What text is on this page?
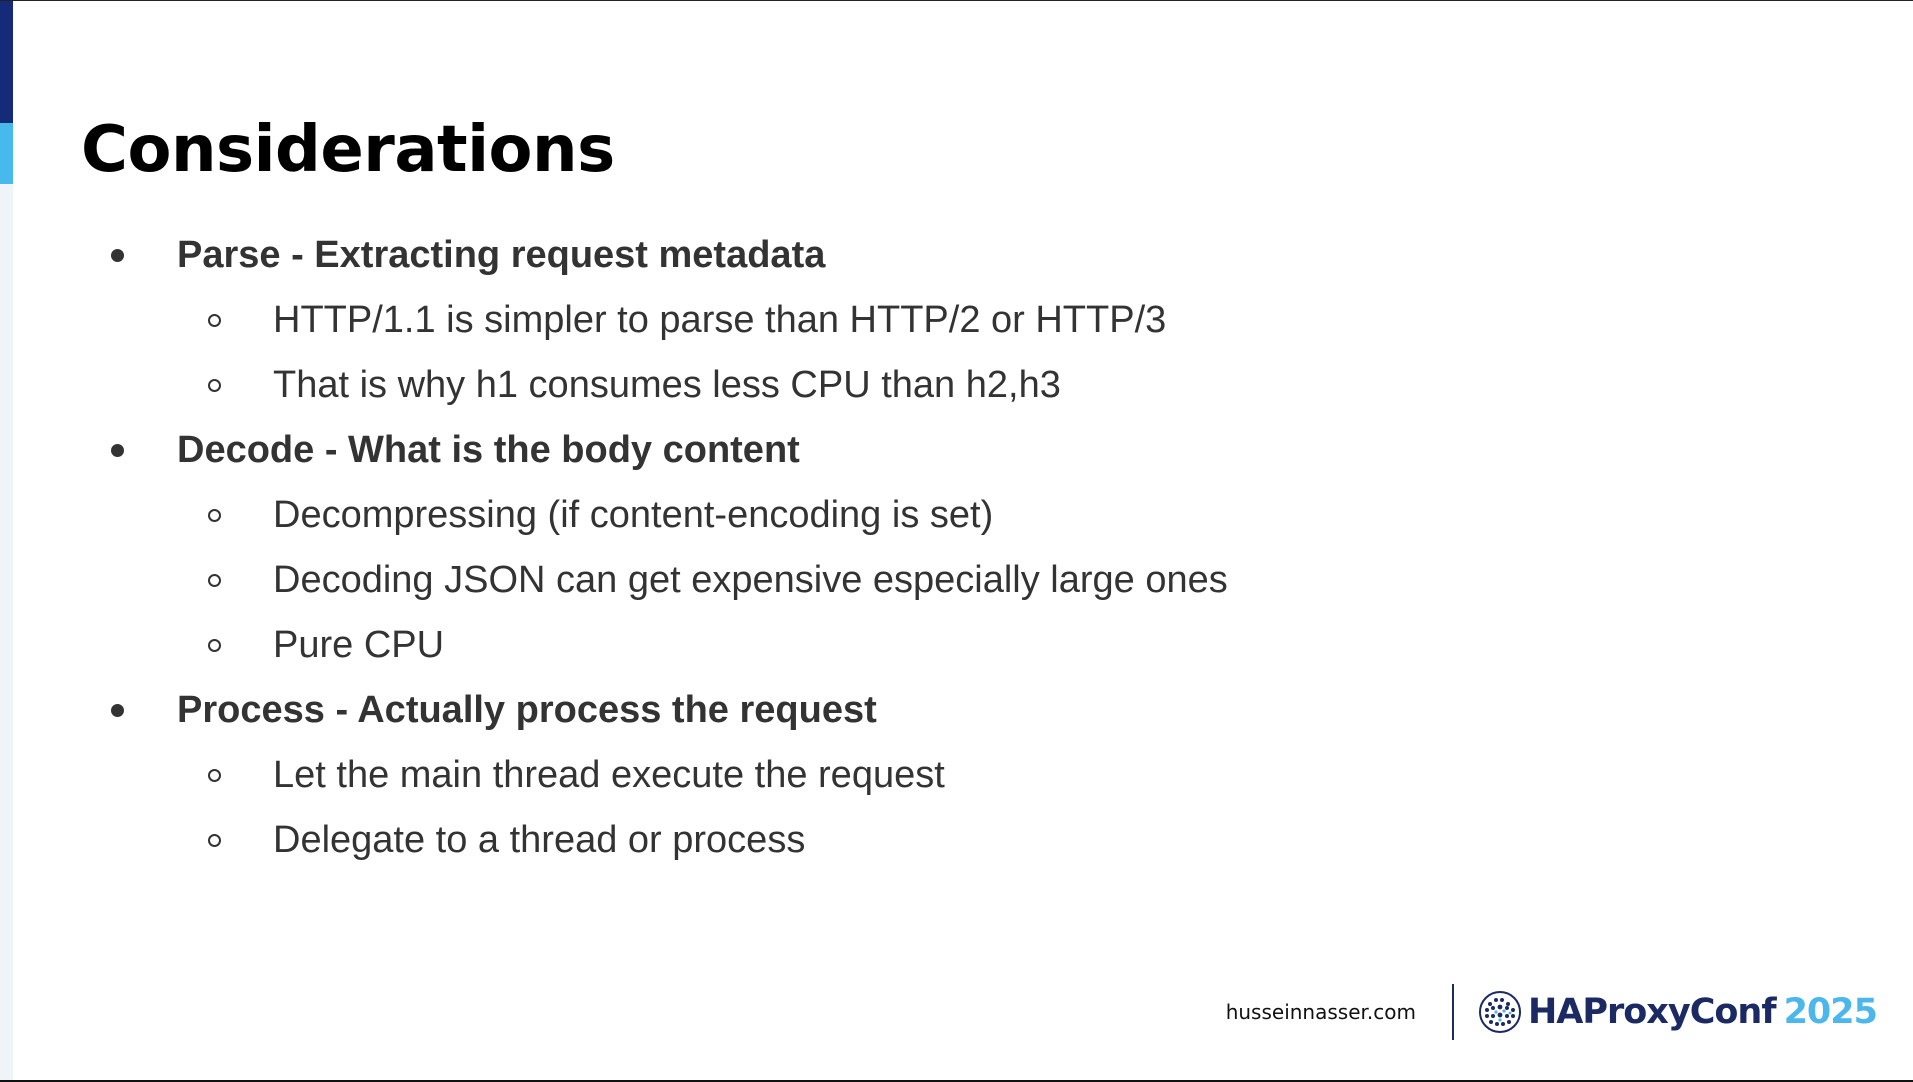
Considerations
Parse - Extracting request metadata
HTTP/1.1 is simpler to parse than HTTP/2 or HTTP/3
That is why h1 consumes less CPU than h2,h3
Decode - What is the body content
Decompressing (if content-encoding is set)
Decoding JSON can get expensive especially large ones
Pure CPU
Process - Actually process the request
Let the main thread execute the request
Delegate to a thread or process
husseinnasser.com	HAProxyConf 2025
